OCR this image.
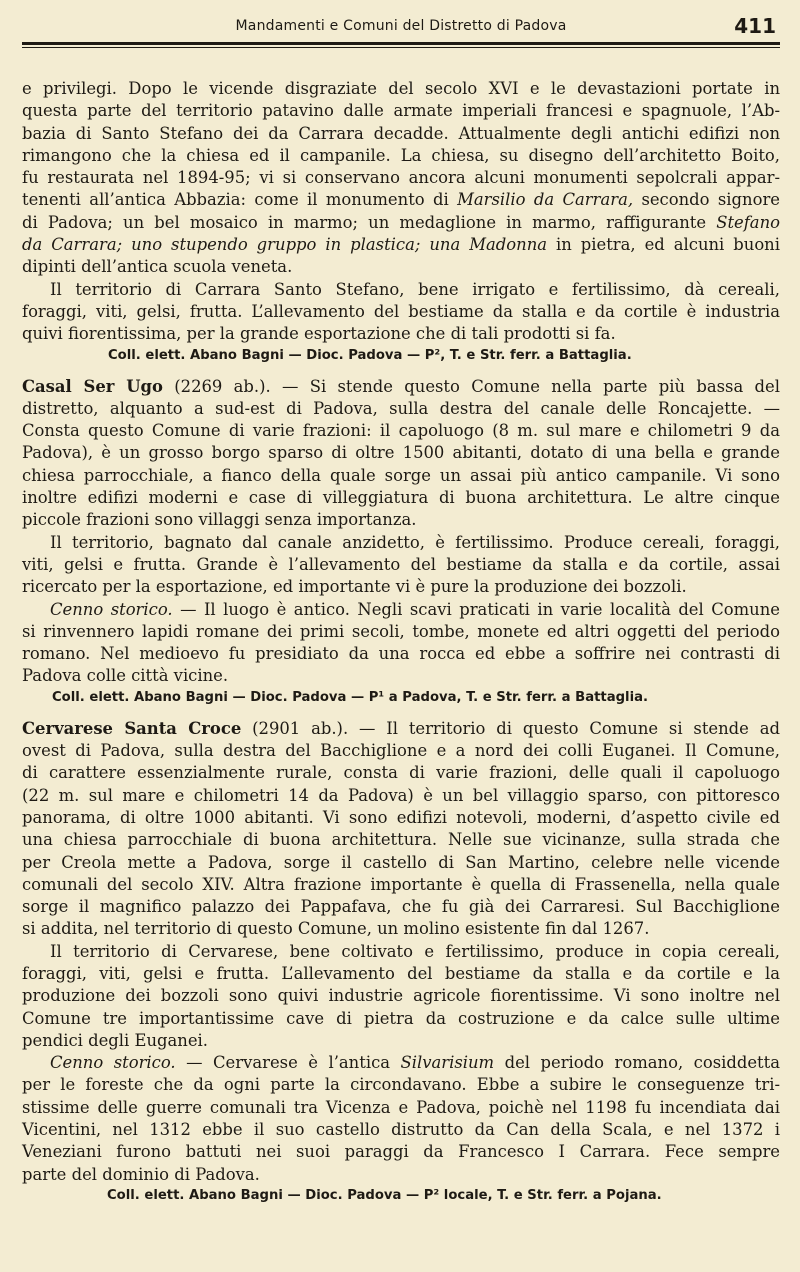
Mandamenti e Comuni del Distretto di Padova	411
e privilegi. Dopo le vicende disgraziate del secolo XVI e le devastazioni portate in
questa parte del territorio patavino dalle armate imperiali francesi e spagnuole, l’Ab-
bazia di Santo Stefano dei da Carrara decadde. Attualmente degli antichi edifizi non
rimangono che la chiesa ed il campanile. La chiesa, su disegno dell’architetto Boito,
fu restaurata nel 1894-95; vi si conservano ancora alcuni monumenti sepolcrali appar-
tenenti all’antica Abbazia: come il monumento di Marsilio da Carrara, secondo signore
di Padova; un bel mosaico in marmo; un medaglione in marmo, raffigurante Stefano
da Carrara; uno stupendo gruppo in plastica; una Madonna in pietra, ed alcuni buoni
dipinti dell’antica scuola veneta.
Il territorio di Carrara Santo Stefano, bene irrigato e fertilissimo, dà cereali,
foraggi, viti, gelsi, frutta. L’allevamento del bestiame da stalla e da cortile è industria
quivi fiorentissima, per la grande esportazione che di tali prodotti si fa.
Coll. elett. Abano Bagni — Dioc. Padova — P², T. e Str. ferr. a Battaglia.
Casal Ser Ugo (2269 ab.). — Si stende questo Comune nella parte più bassa del
distretto, alquanto a sud-est di Padova, sulla destra del canale delle Roncajette. —
Consta questo Comune di varie frazioni: il capoluogo (8 m. sul mare e chilometri 9 da
Padova), è un grosso borgo sparso di oltre 1500 abitanti, dotato di una bella e grande
chiesa parrocchiale, a fianco della quale sorge un assai più antico campanile. Vi sono
inoltre edifizi moderni e case di villeggiatura di buona architettura. Le altre cinque
piccole frazioni sono villaggi senza importanza.
Il territorio, bagnato dal canale anzidetto, è fertilissimo. Produce cereali, foraggi,
viti, gelsi e frutta. Grande è l’allevamento del bestiame da stalla e da cortile, assai
ricercato per la esportazione, ed importante vi è pure la produzione dei bozzoli.
Cenno storico. — Il luogo è antico. Negli scavi praticati in varie località del Comune
si rinvennero lapidi romane dei primi secoli, tombe, monete ed altri oggetti del periodo
romano. Nel medioevo fu presidiato da una rocca ed ebbe a soffrire nei contrasti di
Padova colle città vicine.
Coll. elett. Abano Bagni — Dioc. Padova — P¹ a Padova, T. e Str. ferr. a Battaglia.
Cervarese Santa Croce (2901 ab.). — Il territorio di questo Comune si stende ad
ovest di Padova, sulla destra del Bacchiglione e a nord dei colli Euganei. Il Comune,
di carattere essenzialmente rurale, consta di varie frazioni, delle quali il capoluogo
(22 m. sul mare e chilometri 14 da Padova) è un bel villaggio sparso, con pittoresco
panorama, di oltre 1000 abitanti. Vi sono edifizi notevoli, moderni, d’aspetto civile ed
una chiesa parrocchiale di buona architettura. Nelle sue vicinanze, sulla strada che
per Creola mette a Padova, sorge il castello di San Martino, celebre nelle vicende
comunali del secolo XIV. Altra frazione importante è quella di Frassenella, nella quale
sorge il magnifico palazzo dei Pappafava, che fu già dei Carraresi. Sul Bacchiglione
si addita, nel territorio di questo Comune, un molino esistente fin dal 1267.
Il territorio di Cervarese, bene coltivato e fertilissimo, produce in copia cereali,
foraggi, viti, gelsi e frutta. L’allevamento del bestiame da stalla e da cortile e la
produzione dei bozzoli sono quivi industrie agricole fiorentissime. Vi sono inoltre nel
Comune tre importantissime cave di pietra da costruzione e da calce sulle ultime
pendici degli Euganei.
Cenno storico. — Cervarese è l’antica Silvarisium del periodo romano, cosiddetta
per le foreste che da ogni parte la circondavano. Ebbe a subire le conseguenze tri-
stissime delle guerre comunali tra Vicenza e Padova, poichè nel 1198 fu incendiata dai
Vicentini, nel 1312 ebbe il suo castello distrutto da Can della Scala, e nel 1372 i
Veneziani furono battuti nei suoi paraggi da Francesco I Carrara. Fece sempre
parte del dominio di Padova.
Coll. elett. Abano Bagni — Dioc. Padova — P² locale, T. e Str. ferr. a Pojana.
